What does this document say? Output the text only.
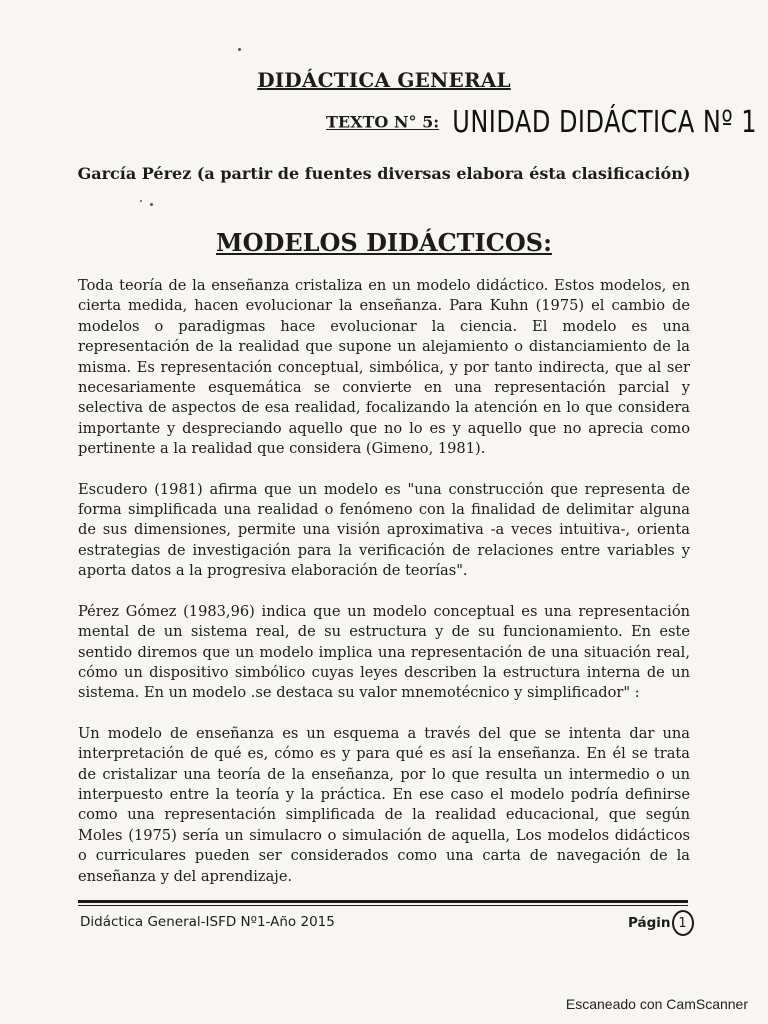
DIDÁCTICA GENERAL
TEXTO N° 5: UNIDAD DIDÁCTICA Nº 1
García Pérez (a partir de fuentes diversas elabora ésta clasificación)
MODELOS DIDÁCTICOS:

Toda teoría de la enseñanza cristaliza en un modelo didáctico. Estos modelos, en cierta medida, hacen evolucionar la enseñanza. Para Kuhn (1975) el cambio de modelos o paradigmas hace evolucionar la ciencia. El modelo es una representación de la realidad que supone un alejamiento o distanciamiento de la misma. Es representación conceptual, simbólica, y por tanto indirecta, que al ser necesariamente esquemática se convierte en una representación parcial y selectiva de aspectos de esa realidad, focalizando la atención en lo que considera importante y despreciando aquello que no lo es y aquello que no aprecia como pertinente a la realidad que considera (Gimeno, 1981).

Escudero (1981) afirma que un modelo es "una construcción que representa de forma simplificada una realidad o fenómeno con la finalidad de delimitar alguna de sus dimensiones, permite una visión aproximativa -a veces intuitiva-, orienta estrategias de investigación para la verificación de relaciones entre variables y aporta datos a la progresiva elaboración de teorías".

Pérez Gómez (1983,96) indica que un modelo conceptual es una representación mental de un sistema real, de su estructura y de su funcionamiento. En este sentido diremos que un modelo implica una representación de una situación real, cómo un dispositivo simbólico cuyas leyes describen la estructura interna de un sistema. En un modelo .se destaca su valor mnemotécnico y simplificador" :

Un modelo de enseñanza es un esquema a través del que se intenta dar una interpretación de qué es, cómo es y para qué es así la enseñanza. En él se trata de cristalizar una teoría de la enseñanza, por lo que resulta un intermedio o un interpuesto entre la teoría y la práctica. En ese caso el modelo podría definirse como una representación simplificada de la realidad educacional, que según Moles (1975) sería un simulacro o simulación de aquella, Los modelos didácticos o curriculares pueden ser considerados como una carta de navegación de la enseñanza y del aprendizaje.

Didáctica General-ISFD Nº1-Año 2015	Págin 1
Escaneado con CamScanner
